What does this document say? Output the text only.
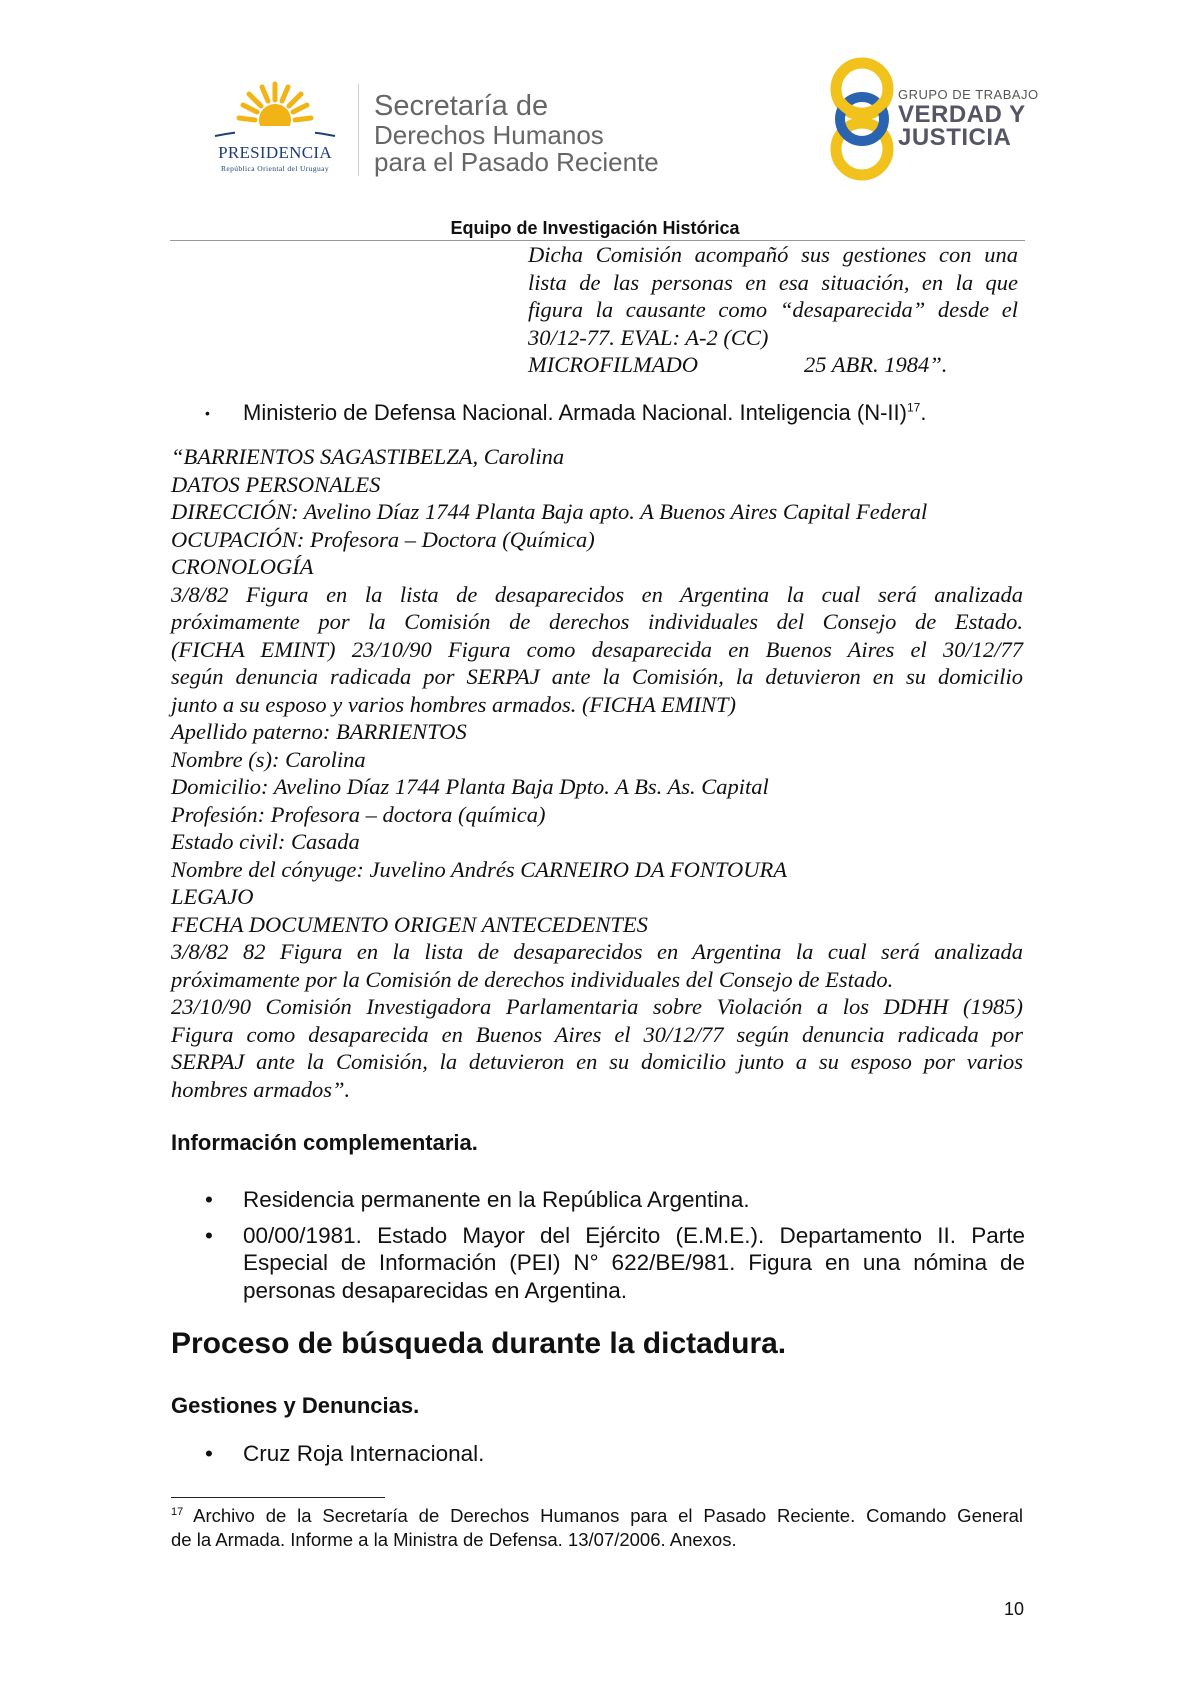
PRESIDENCIA
República Oriental del Uruguay
Secretaría de
Derechos Humanos
para el Pasado Reciente
GRUPO DE TRABAJO
VERDAD Y
JUSTICIA
Equipo de Investigación Histórica
Dicha Comisión acompañó sus gestiones con una
lista de las personas en esa situación, en la que
figura la causante como “desaparecida” desde el
30/12-77. EVAL: A-2 (CC)
MICROFILMADO	25 ABR. 1984”.
• Ministerio de Defensa Nacional. Armada Nacional. Inteligencia $(N-II)^{17}$.
“BARRIENTOS SAGASTIBELZA, Carolina
DATOS PERSONALES
DIRECCIÓN: Avelino Díaz 1744 Planta Baja apto. A Buenos Aires Capital Federal
OCUPACIÓN: Profesora – Doctora (Química)
CRONOLOGÍA
3/8/82 Figura en la lista de desaparecidos en Argentina la cual será analizada
próximamente por la Comisión de derechos individuales del Consejo de Estado.
(FICHA EMINT) 23/10/90 Figura como desaparecida en Buenos Aires el 30/12/77
según denuncia radicada por SERPAJ ante la Comisión, la detuvieron en su domicilio
junto a su esposo y varios hombres armados. (FICHA EMINT)
Apellido paterno: BARRIENTOS
Nombre (s): Carolina
Domicilio: Avelino Díaz 1744 Planta Baja Dpto. A Bs. As. Capital
Profesión: Profesora – doctora (química)
Estado civil: Casada
Nombre del cónyuge: Juvelino Andrés CARNEIRO DA FONTOURA
LEGAJO
FECHA DOCUMENTO ORIGEN ANTECEDENTES
3/8/82 82 Figura en la lista de desaparecidos en Argentina la cual será analizada
próximamente por la Comisión de derechos individuales del Consejo de Estado.
23/10/90 Comisión Investigadora Parlamentaria sobre Violación a los DDHH (1985)
Figura como desaparecida en Buenos Aires el 30/12/77 según denuncia radicada por
SERPAJ ante la Comisión, la detuvieron en su domicilio junto a su esposo por varios
hombres armados”.
Información complementaria.
• Residencia permanente en la República Argentina.
• 00/00/1981. Estado Mayor del Ejército (E.M.E.). Departamento II. Parte
Especial de Información (PEI) N° 622/BE/981. Figura en una nómina de
personas desaparecidas en Argentina.
Proceso de búsqueda durante la dictadura.
Gestiones y Denuncias.
• Cruz Roja Internacional.
$^{17}$ Archivo de la Secretaría de Derechos Humanos para el Pasado Reciente. Comando General
de la Armada. Informe a la Ministra de Defensa. 13/07/2006. Anexos.
10
